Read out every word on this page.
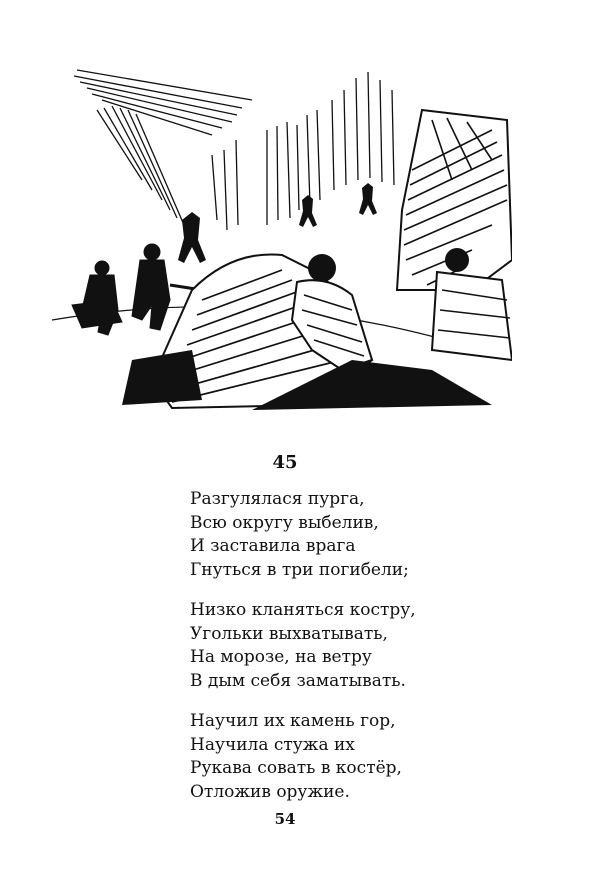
45
Разгулялася пурга,
Всю округу выбелив,
И заставила врага
Гнуться в три погибели;
Низко кланяться костру,
Угольки выхватывать,
На морозе, на ветру
В дым себя заматывать.
Научил их камень гор,
Научила стужа их
Рукава совать в костёр,
Отложив оружие.
54
